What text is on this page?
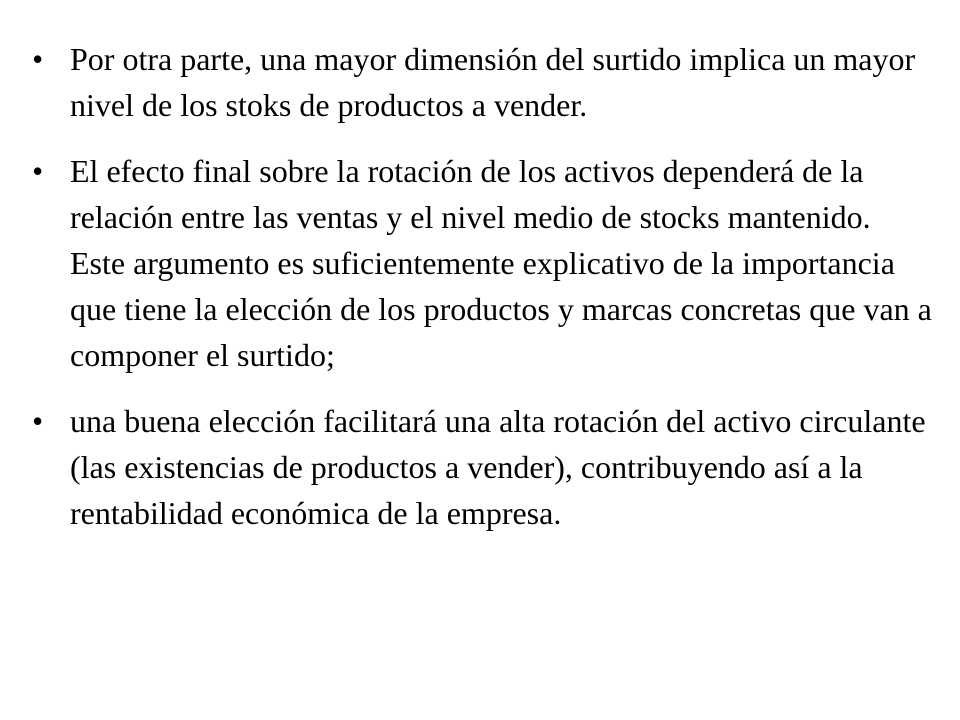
• Por otra parte, una mayor dimensión del surtido implica un mayor nivel de los stoks de productos a vender.
• El efecto final sobre la rotación de los activos dependerá de la relación entre las ventas y el nivel medio de stocks mantenido. Este argumento es suficientemente explicativo de la importancia que tiene la elección de los productos y marcas concretas que van a componer el surtido;
• una buena elección facilitará una alta rotación del activo circulante (las existencias de productos a vender), contribuyendo así a la rentabilidad económica de la empresa.
